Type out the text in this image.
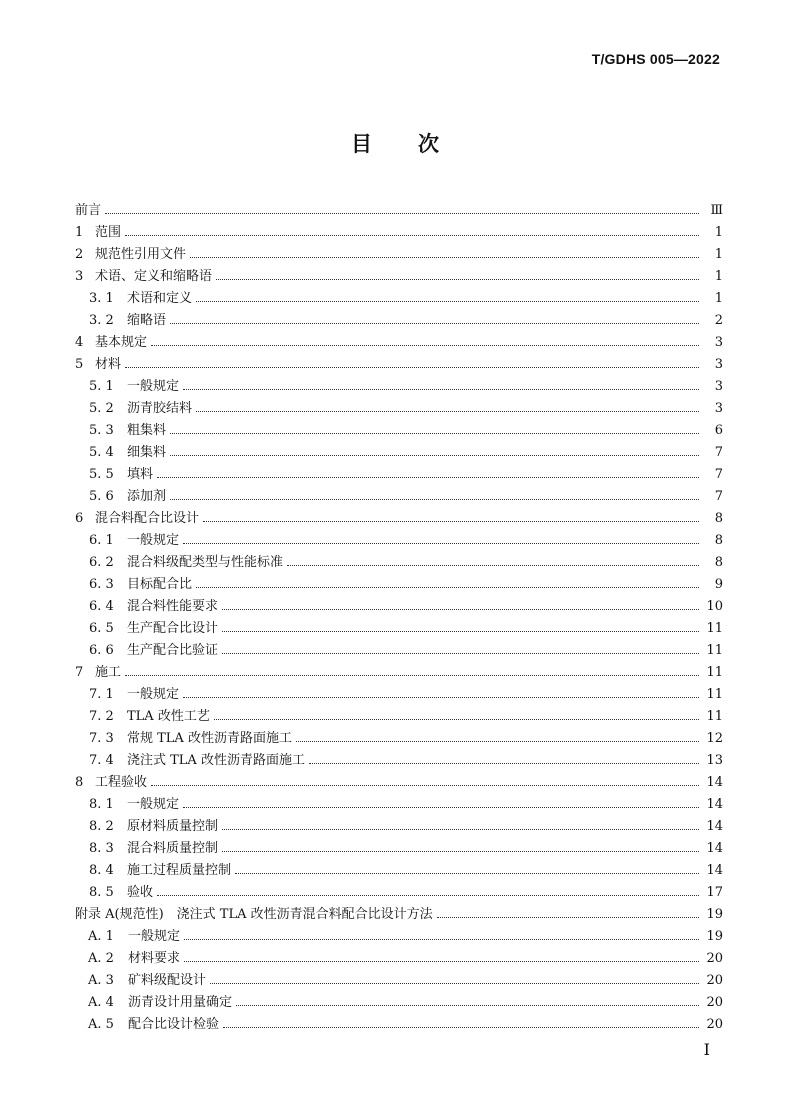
T/GDHS 005—2022
目 次
前言	Ⅲ
1 范围	1
2 规范性引用文件	1
3 术语、定义和缩略语	1
3. 1	术语和定义	1
3. 2	缩略语	2
4 基本规定	3
5 材料	3
5. 1	一般规定	3
5. 2	沥青胶结料	3
5. 3	粗集料	6
5. 4	细集料	7
5. 5	填料	7
5. 6	添加剂	7
6 混合料配合比设计	8
6. 1	一般规定	8
6. 2	混合料级配类型与性能标准	8
6. 3	目标配合比	9
6. 4	混合料性能要求	10
6. 5	生产配合比设计	11
6. 6	生产配合比验证	11
7 施工	11
7. 1	一般规定	11
7. 2	TLA 改性工艺	11
7. 3	常规 TLA 改性沥青路面施工	12
7. 4	浇注式 TLA 改性沥青路面施工	13
8 工程验收	14
8. 1	一般规定	14
8. 2	原材料质量控制	14
8. 3	混合料质量控制	14
8. 4	施工过程质量控制	14
8. 5	验收	17
附录 A(规范性)　浇注式 TLA 改性沥青混合料配合比设计方法	19
A. 1	一般规定	19
A. 2	材料要求	20
A. 3	矿料级配设计	20
A. 4	沥青设计用量确定	20
A. 5	配合比设计检验	20
I
